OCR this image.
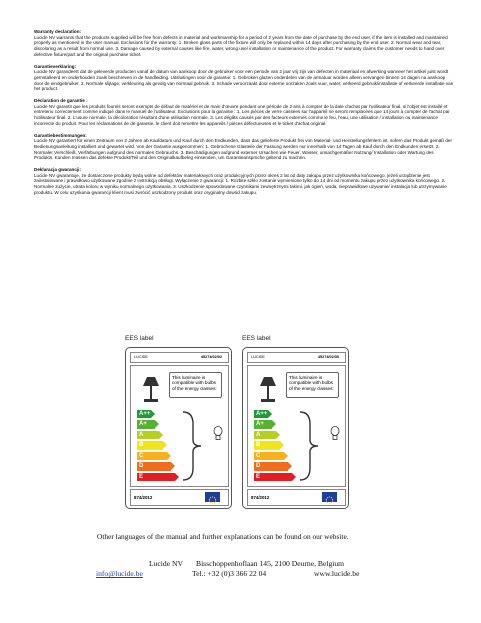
Warranty declaration:
Lucide NV warrants that the products supplied will be free from defects in material and workmanship for a period of 2 years from the date of purchase by the end user, if the item is installed and maintained properly as mentioned in the user manual. Exclusions for the warranty: 1. Broken glass parts of the fixture will only be replaced within 14 days after purchasing by the end user. 2. Normal wear and tear, discoloring as a result from normal use. 3. Damage caused by external causes like fire, water, wrong use/ installation or maintenance of the product. For warranty claims the customer needs to hand over defective fixture/part and the original purchase ticket.
Garantieverklaring:
Lucide NV garandeert dat de geleverde producten vanaf de datum van aankoop door de gebruiker voor een periode van 2 jaar vrij zijn van defecten in materiaal en afwerking wanneer het artikel juist wordt geïnstalleerd en onderhouden zoals beschreven in de handleiding. Uitsluitingen voor de garantie: 1. Gebroken glazen onderdelen van de armatuur worden alleen vervangen binnen 14 dagen na aankoop door de eindgebruiker. 2. Normale slijtage, verkleuring als gevolg van normaal gebruik. 3. Schade veroorzaakt door externe oorzaken zoals vuur, water, verkeerd gebruik/installatie of verkeerde installatie van het product.
Déclaration de garantie :
Lucide NV garantit que les produits fournis seront exempts de défaut de matériel et de main d'œuvre pendant une période de 2 ans à compter de la date d'achat par l'utilisateur final, si l'objet est installé et entretenu correctement comme indiqué dans le manuel de l'utilisateur. Exclusions pour la garantie : 1. Les pièces de verre cassées sur l'appareil ne seront remplacées que 14 jours à compter de l'achat par l'utilisateur final. 2. L'usure normale, la décoloration résultant d'une utilisation normale. 3. Les dégâts causés par des facteurs externes comme le feu, l'eau, une utilisation / installation ou maintenance incorrecte du produit. Pour les réclamations de de garantie, le client doit remettre les appareils / pièces défectueuses et le ticket d'achat original.
Garantiebestimmungen:
Lucide NV garantiert für einen Zeitraum von 2 Jahren ab Kaufdatum und Kauf durch den Endkunden, dass das gelieferte Produkt frei von Material- und Herstellungsfehlern ist, sofern das Produkt gemäß der Bedienungsanleitung installiert und gewartet wird. Von der Garantie ausgenommen: 1. Gebrochene Glasteile der Fassung werden nur innerhalb von 14 Tagen ab Kauf durch den Endkunden ersetzt. 2. Normaler Verschleiß, Verfärbungen aufgrund des normalen Gebrauchs. 3. Beschädigungen aufgrund externer Ursachen wie Feuer, Wasser, unsachgemäßer Nutzung/ Installation oder Wartung des Produkts. Kunden müssen das defekte Produkt/Teil und den Originalkaufbeleg einsenden, um Garantieansprüche geltend zu machen.
Deklaracja gwarancji:
Lucide NV gwarantuje, że dostarczone produkty będą wolne od defektów materiałowych oraz produkcyjnych przez okres 2 lat od daty zakupu przez użytkownika końcowego, jeżeli urządzenie jest zainstalowane i prawidłowo użytkowane zgodnie z instrukcją obsługi. Wyłączenie z gwarancji: 1. Rozbite szklo zostanie wymienione tylko do 14 dni od momentu zakupu przez użytkownika końcowego. 2. Normalne zużycie, utrata koloru w wyniku normalnego użytkowania. 3. Uszkodzenie spowodowane czynnikami zewnętrznymi takimi, jak ogień, woda, nieprawidłowe używanie/ instalacja lub utrzymywanie produktu. W celu uzyskania gwarancji klient musi zwrócić uszkodzony produkt oraz oryginalny dowód zakupu.
EES label
LUCIDE	45274/02/02
This luminaire is compatible with bulbs of the energy classes:
A++
A+
A
B
C
D
E
874/2012
EES label
LUCIDE	45274/02/30
This luminaire is compatible with bulbs of the energy classes:
A++
A+
A
B
C
D
E
874/2012
Other languages of the manual and further explanations can be found on our website.
Lucide NV Bisschoppenhoflaan 145, 2100 Deurne, Belgium
info@lucide.be	Tel.: +32 (0)3 366 22 04	www.lucide.be
